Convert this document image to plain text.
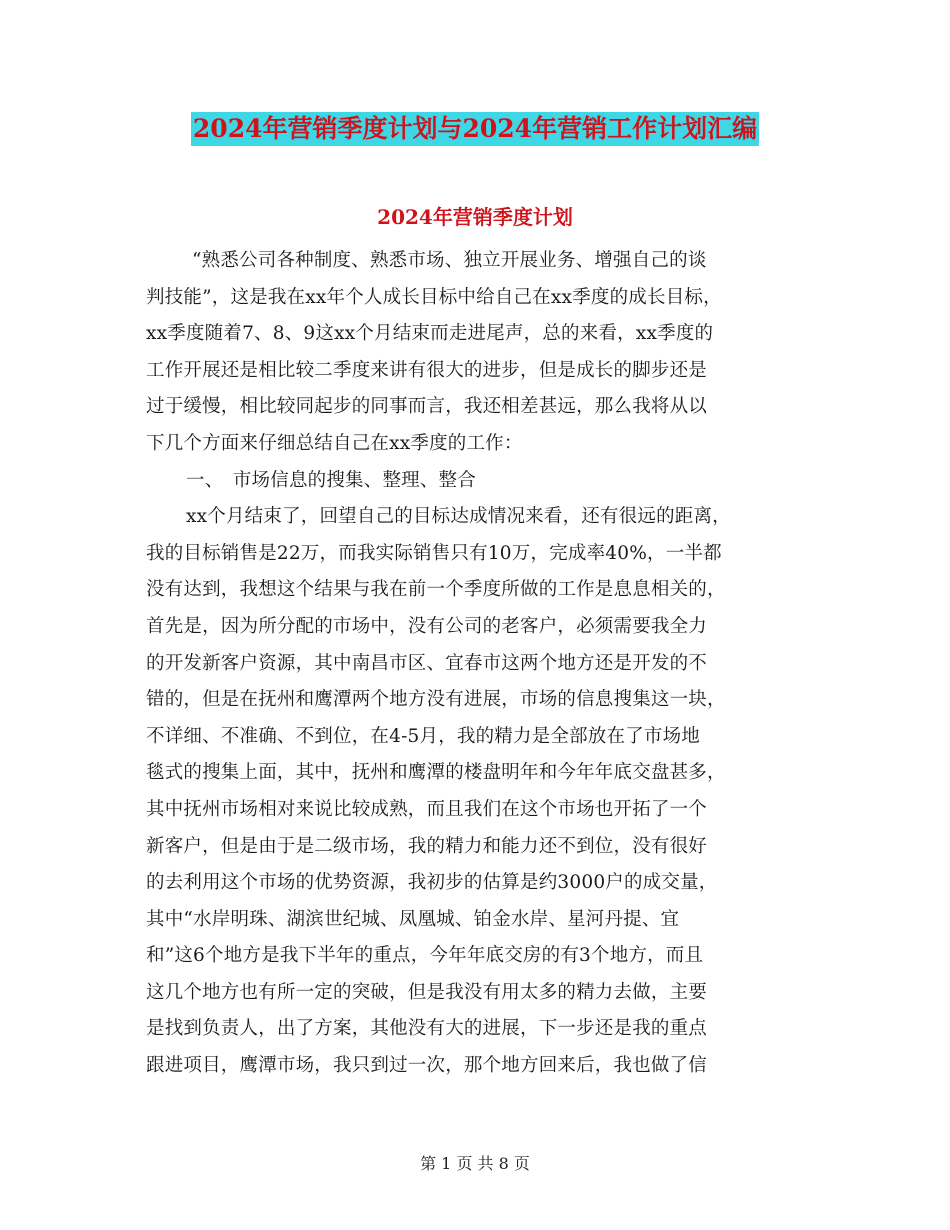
2024年营销季度计划与2024年营销工作计划汇编
2024年营销季度计划
“熟悉公司各种制度、熟悉市场、独立开展业务、增强自己的谈
判技能”，这是我在xx年个人成长目标中给自己在xx季度的成长目标，
xx季度随着7、8、9这xx个月结束而走进尾声，总的来看，xx季度的
工作开展还是相比较二季度来讲有很大的进步，但是成长的脚步还是
过于缓慢，相比较同起步的同事而言，我还相差甚远，那么我将从以
下几个方面来仔细总结自己在xx季度的工作：
一、　市场信息的搜集、整理、整合
xx个月结束了，回望自己的目标达成情况来看，还有很远的距离，
我的目标销售是22万，而我实际销售只有10万，完成率40%，一半都
没有达到，我想这个结果与我在前一个季度所做的工作是息息相关的，
首先是，因为所分配的市场中，没有公司的老客户，必须需要我全力
的开发新客户资源，其中南昌市区、宜春市这两个地方还是开发的不
错的，但是在抚州和鹰潭两个地方没有进展，市场的信息搜集这一块，
不详细、不准确、不到位，在4-5月，我的精力是全部放在了市场地
毯式的搜集上面，其中，抚州和鹰潭的楼盘明年和今年年底交盘甚多，
其中抚州市场相对来说比较成熟，而且我们在这个市场也开拓了一个
新客户，但是由于是二级市场，我的精力和能力还不到位，没有很好
的去利用这个市场的优势资源，我初步的估算是约3000户的成交量，
其中“水岸明珠、湖滨世纪城、凤凰城、铂金水岸、星河丹提、宜
和”这6个地方是我下半年的重点，今年年底交房的有3个地方，而且
这几个地方也有所一定的突破，但是我没有用太多的精力去做，主要
是找到负责人，出了方案，其他没有大的进展，下一步还是我的重点
跟进项目，鹰潭市场，我只到过一次，那个地方回来后，我也做了信
第 1 页 共 8 页
